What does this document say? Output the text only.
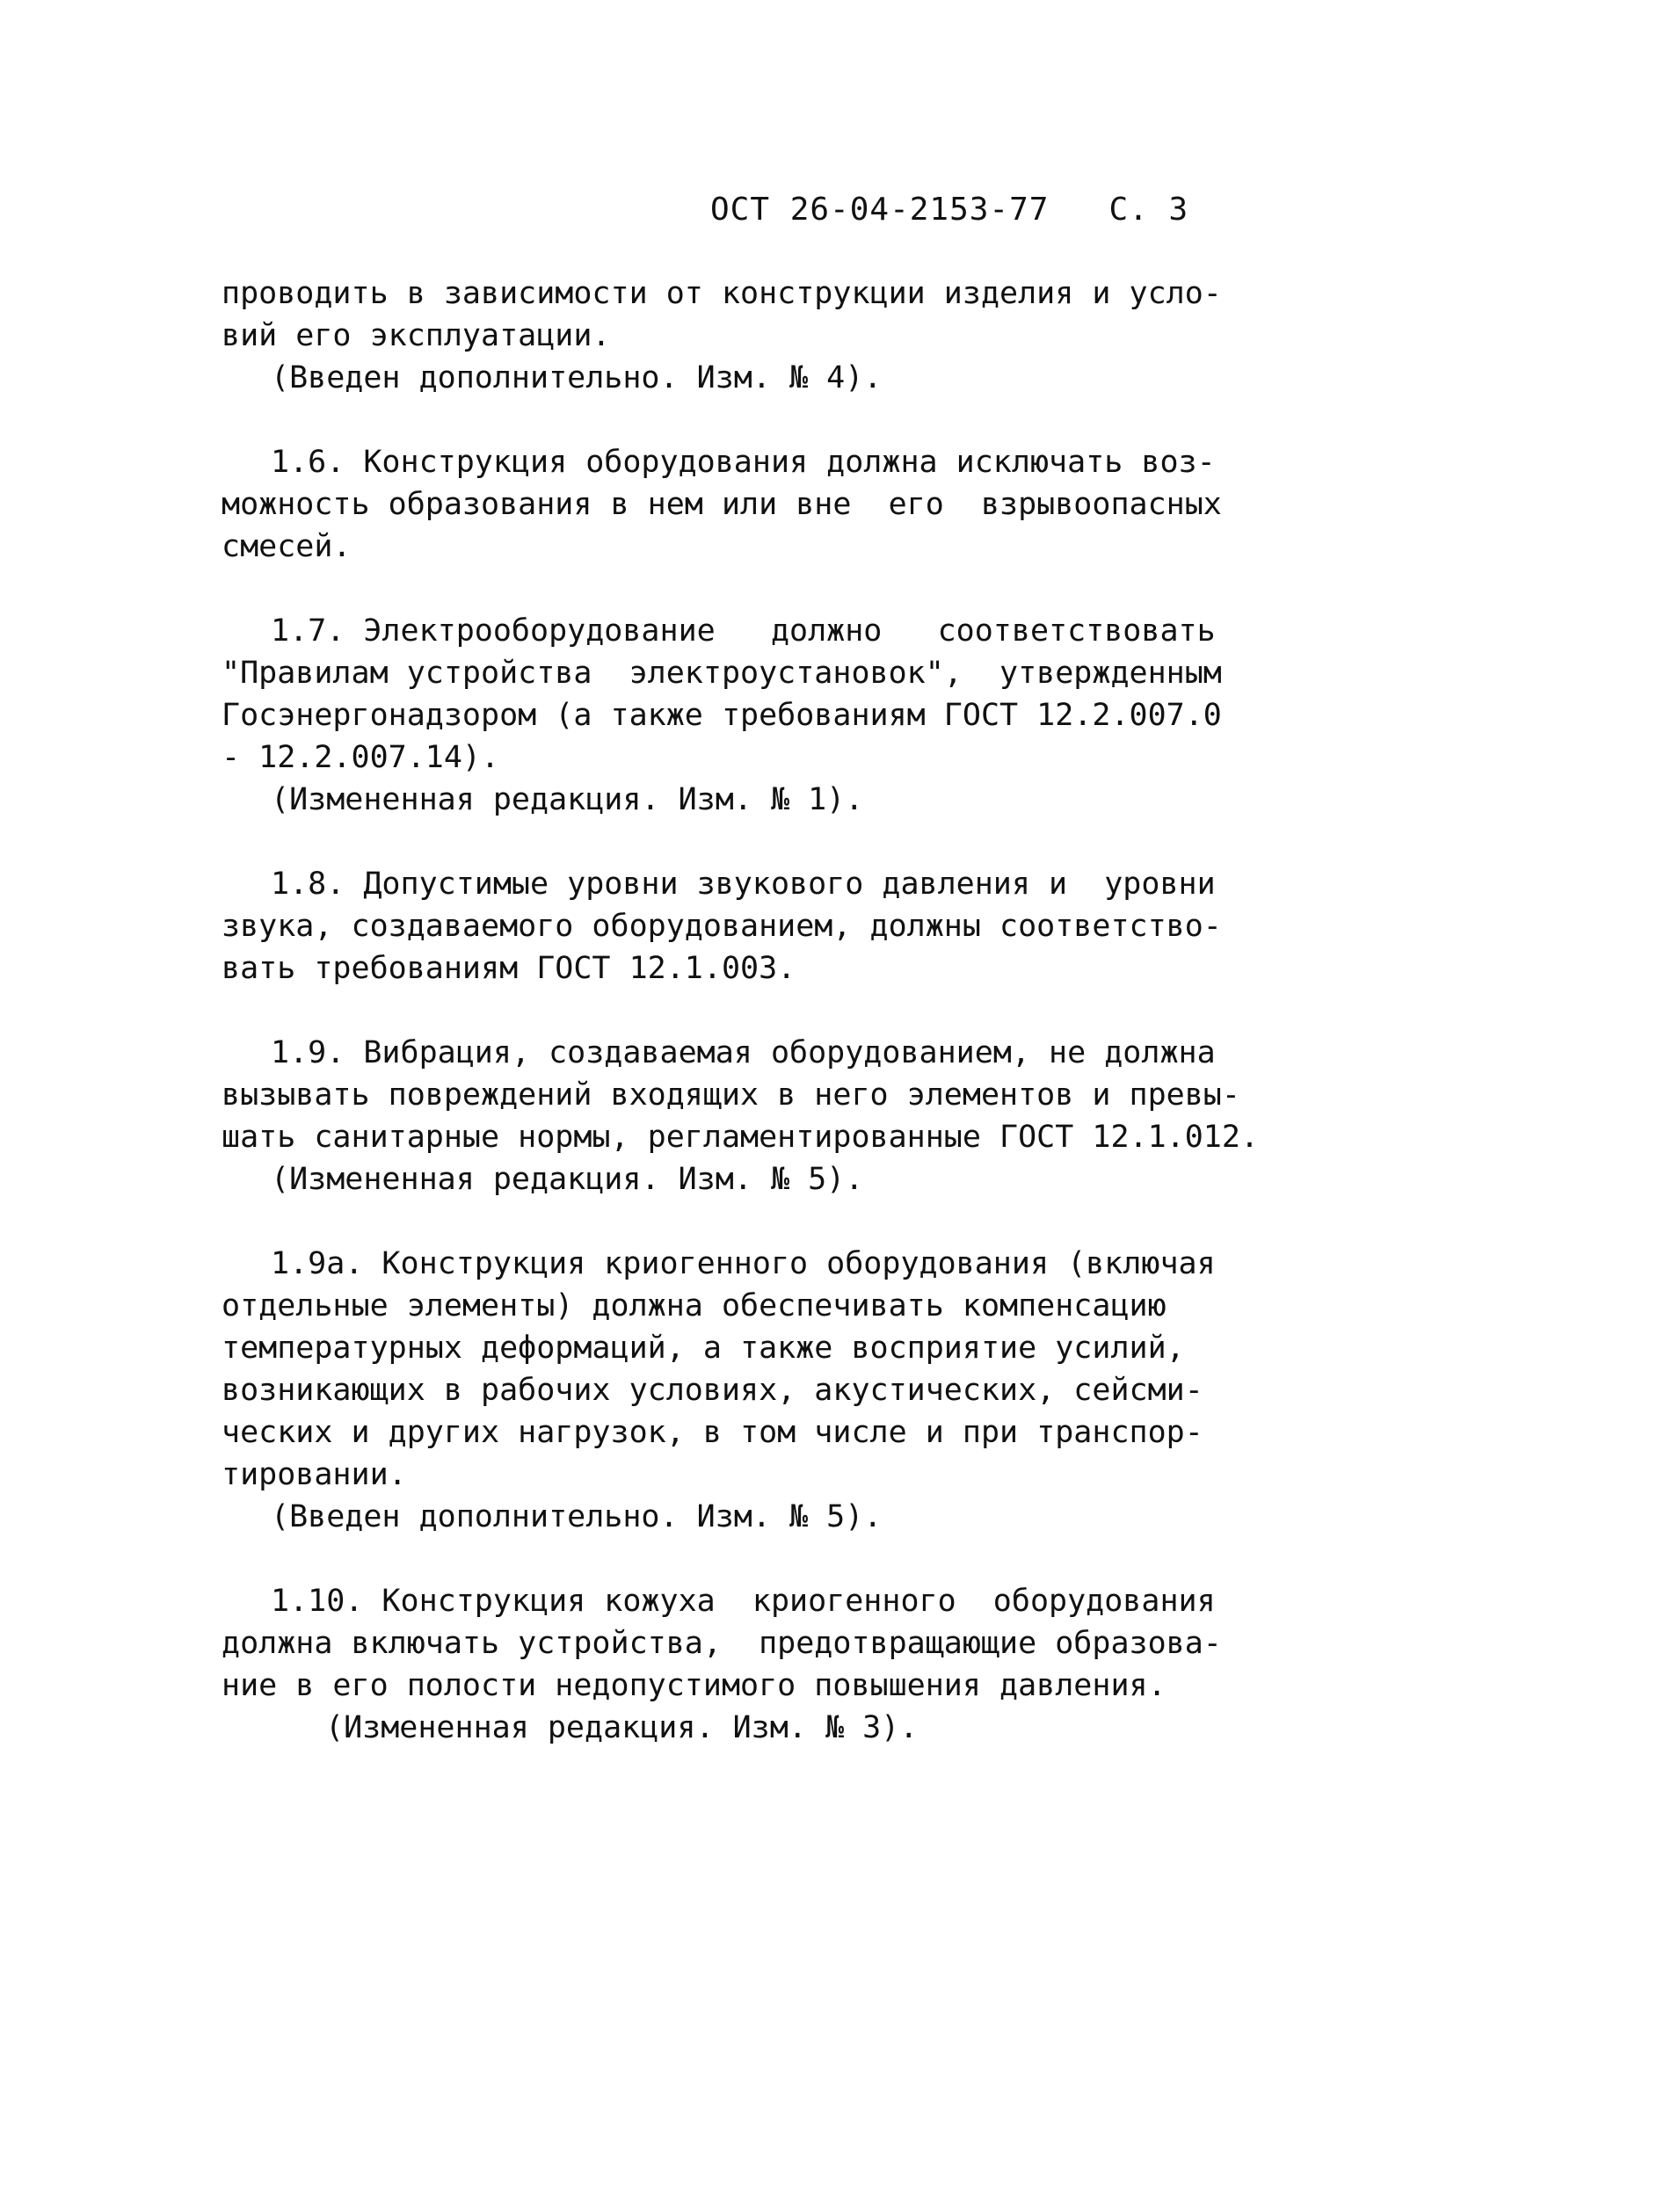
ОСТ 26-04-2153-77 С. 3
проводить в зависимости от конструкции изделия и усло-
вий его эксплуатации.
(Введен дополнительно. Изм. № 4).
1.6. Конструкция оборудования должна исключать воз-
можность образования в нем или вне  его  взрывоопасных
смесей.
1.7. Электрооборудование   должно   соответствовать
"Правилам устройства  электроустановок",  утвержденным
Госэнергонадзором (а также требованиям ГОСТ 12.2.007.0
- 12.2.007.14).
(Измененная редакция. Изм. № 1).
1.8. Допустимые уровни звукового давления и  уровни
звука, создаваемого оборудованием, должны соответство-
вать требованиям ГОСТ 12.1.003.
1.9. Вибрация, создаваемая оборудованием, не должна
вызывать повреждений входящих в него элементов и превы-
шать санитарные нормы, регламентированные ГОСТ 12.1.012.
(Измененная редакция. Изм. № 5).
1.9а. Конструкция криогенного оборудования (включая
отдельные элементы) должна обеспечивать компенсацию
температурных деформаций, а также восприятие усилий,
возникающих в рабочих условиях, акустических, сейсми-
ческих и других нагрузок, в том числе и при транспор-
тировании.
(Введен дополнительно. Изм. № 5).
1.10. Конструкция кожуха  криогенного  оборудования
должна включать устройства,  предотвращающие образова-
ние в его полости недопустимого повышения давления.
(Измененная редакция. Изм. № 3).
